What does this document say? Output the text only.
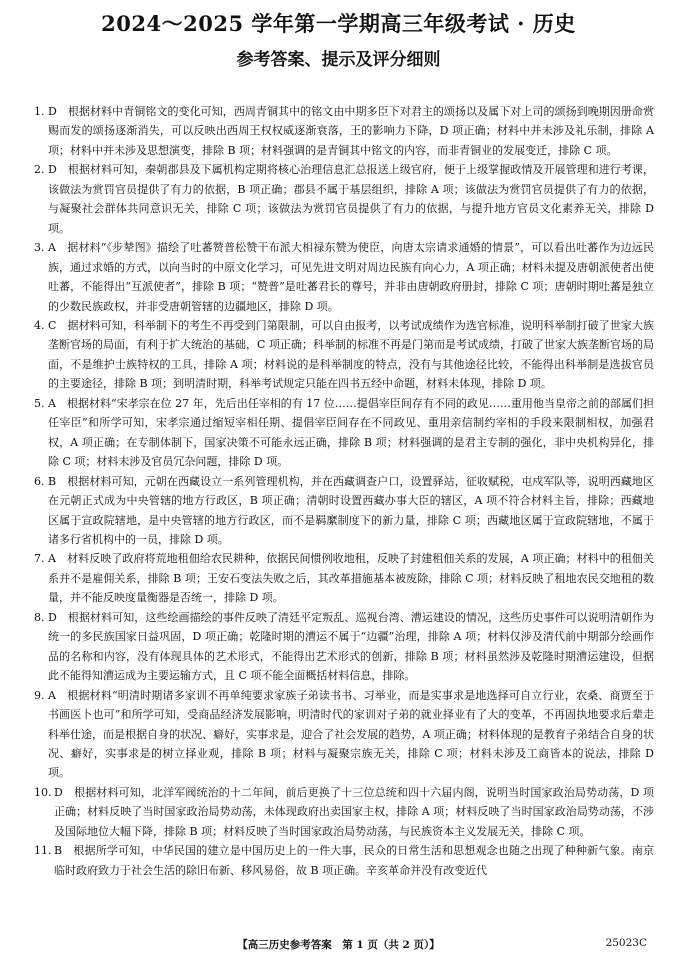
2024～2025 学年第一学期高三年级考试 · 历史
参考答案、提示及评分细则
1. D　根据材料中青铜铭文的变化可知，西周青铜其中的铭文由中期多臣下对君主的颂扬以及属下对上司的颂扬到晚期因册命赏赐而发的颂扬逐渐消失，可以反映出西周王权权威逐渐衰落，王的影响力下降，D 项正确；材料中并未涉及礼乐制，排除 A 项；材料中并未涉及思想演变，排除 B 项；材料强调的是青铜其中铭文的内容，而非青铜业的发展变迁，排除 C 项。
2. D　根据材料可知，秦朝郡县及下属机构定期将核心治理信息汇总报送上级官府，便于上级掌握政情及开展管理和进行考课，该做法为赏罚官员提供了有力的依据，B 项正确；郡县不属于基层组织，排除 A 项；该做法为赏罚官员提供了有力的依据，与凝聚社会群体共同意识无关，排除 C 项；该做法为赏罚官员提供了有力的依据，与提升地方官员文化素养无关，排除 D 项。
3. A　据材料“《步辇图》描绘了吐蕃赞普松赞干布派大相禄东赞为使臣，向唐太宗请求通婚的情景”，可以看出吐蕃作为边远民族，通过求婚的方式，以向当时的中原文化学习，可见先进文明对周边民族有向心力，A 项正确；材料未提及唐朝派使者出使吐蕃，不能得出“互派使者”，排除 B 项；“赞普”是吐蕃君长的尊号，并非由唐朝政府册封，排除 C 项；唐朝时期吐蕃是独立的少数民族政权，并非受唐朝管辖的边疆地区，排除 D 项。
4. C　据材料可知，科举制下的考生不再受到门第限制，可以自由报考，以考试成绩作为选官标准，说明科举制打破了世家大族垄断官场的局面，有利于扩大统治的基础，C 项正确；科举制的标准不再是门第而是考试成绩，打破了世家大族垄断官场的局面，不是维护士族特权的工具，排除 A 项；材料说的是科举制度的特点，没有与其他途径比较，不能得出科举制是选拔官员的主要途径，排除 B 项；到明清时期，科举考试规定只能在四书五经中命题，材料未体现，排除 D 项。
5. A　根据材料“宋孝宗在位 27 年，先后出任宰相的有 17 位……提倡宰臣间存有不同的政见……重用他当皇帝之前的部属们担任宰臣”和所学可知，宋孝宗通过缩短宰相任期、提倡宰臣间存在不同政见、重用亲信制约宰相的手段来限制相权，加强君权，A 项正确；在专制体制下，国家决策不可能永远正确，排除 B 项；材料强调的是君主专制的强化，非中央机构异化，排除 C 项；材料未涉及官员冗杂问题，排除 D 项。
6. B　根据材料可知，元朝在西藏设立一系列管理机构，并在西藏调查户口，设置驿站，征收赋税，屯戍军队等，说明西藏地区在元朝正式成为中央管辖的地方行政区，B 项正确；清朝时设置西藏办事大臣的辖区，A 项不符合材料主旨，排除；西藏地区属于宣政院辖地，是中央管辖的地方行政区，而不是羁縻制度下的新力量，排除 C 项；西藏地区属于宣政院辖地，不属于诸多行省机构中的一员，排除 D 项。
7. A　材料反映了政府将荒地租佃给农民耕种，依据民间惯例收地租，反映了封建租佃关系的发展，A 项正确；材料中的租佃关系并不是雇佣关系，排除 B 项；王安石变法失败之后，其改革措施基本被废除，排除 C 项；材料反映了租地农民交地租的数量，并不能反映度量衡器是否统一，排除 D 项。
8. D　根据材料可知，这些绘画描绘的事件反映了清廷平定叛乱、巡视台湾、漕运建设的情况，这些历史事件可以说明清朝作为统一的多民族国家日益巩固，D 项正确；乾隆时期的漕运不属于“边疆”治理，排除 A 项；材料仅涉及清代前中期部分绘画作品的名称和内容，没有体现具体的艺术形式，不能得出艺术形式的创新，排除 B 项；材料虽然涉及乾隆时期漕运建设，但据此不能得知漕运成为主要运输方式，且 C 项不能全面概括材料信息，排除。
9. A　根据材料“明清时期诸多家训不再单纯要求家族子弟读书书、习举业，而是实事求是地选择可自立行业，农桑、商贾至于书画医卜也可”和所学可知，受商品经济发展影响，明清时代的家训对子弟的就业择业有了大的变革，不再固执地要求后辈走科举仕途，而是根据自身的状况、癖好，实事求是，迎合了社会发展的趋势，A 项正确；材料体现的是教育子弟结合自身的状况、癖好，实事求是的树立择业观，排除 B 项；材料与凝聚宗族无关，排除 C 项；材料未涉及工商皆本的说法，排除 D 项。
10. D　根据材料可知，北洋军阀统治的十二年间，前后更换了十三位总统和四十六届内阁，说明当时国家政治局势动荡，D 项正确；材料反映了当时国家政治局势动荡，未体现政府出卖国家主权，排除 A 项；材料反映了当时国家政治局势动荡，不涉及国际地位大幅下降，排除 B 项；材料反映了当时国家政治局势动荡，与民族资本主义发展无关，排除 C 项。
11. B　根据所学可知，中华民国的建立是中国历史上的一件大事，民众的日常生活和思想观念也随之出现了种种新气象。南京临时政府致力于社会生活的除旧布新、移风易俗，故 B 项正确。辛亥革命并没有改变近代
【高三历史参考答案　第 1 页（共 2 页）】	25023C
